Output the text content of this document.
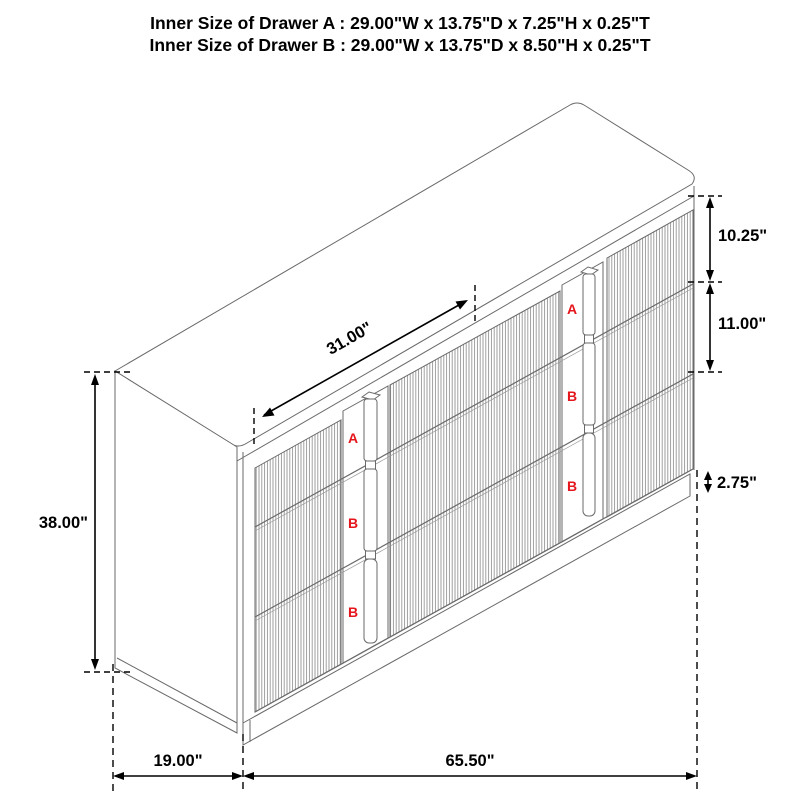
Inner Size of Drawer A : 29.00"W x 13.75"D x 7.25"H x 0.25"T
Inner Size of Drawer B : 29.00"W x 13.75"D x 8.50"H x 0.25"T
A
B
B
A
B
B
38.00"
10.25"
11.00"
2.75"
31.00"
19.00"	65.50"
